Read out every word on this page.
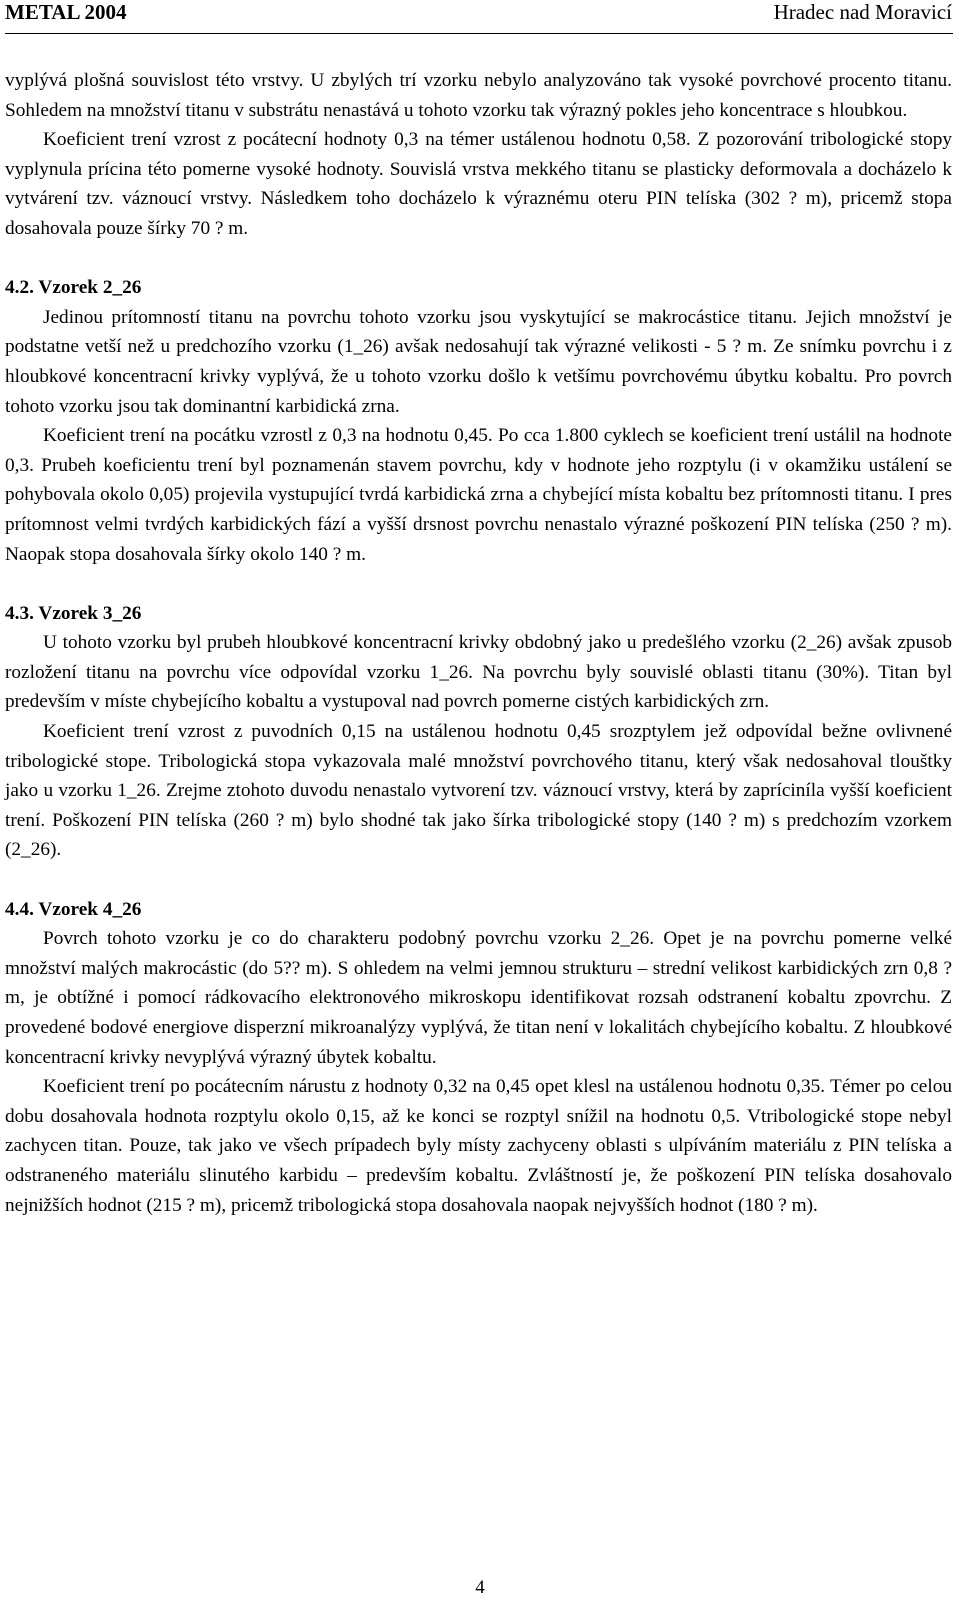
METAL 2004	Hradec nad Moravicí

vyplývá plošná souvislost této vrstvy. U zbylých trí vzorku nebylo analyzováno tak vysoké povrchové procento titanu. Sohledem na množství titanu v substrátu nenastává u tohoto vzorku tak výrazný pokles jeho koncentrace s hloubkou.

Koeficient trení vzrost z pocátecní hodnoty 0,3 na témer ustálenou hodnotu 0,58. Z pozorování tribologické stopy vyplynula prícina této pomerne vysoké hodnoty. Souvislá vrstva mekkého titanu se plasticky deformovala a docházelo k vytvárení tzv. váznoucí vrstvy. Následkem toho docházelo k výraznému oteru PIN telíska (302 ? m), pricemž stopa dosahovala pouze šírky 70 ? m.

4.2. Vzorek 2_26

Jedinou prítomností titanu na povrchu tohoto vzorku jsou vyskytující se makrocástice titanu. Jejich množství je podstatne vetší než u predchozího vzorku (1_26) avšak nedosahují tak výrazné velikosti - 5 ? m. Ze snímku povrchu i z hloubkové koncentracní krivky vyplývá, že u tohoto vzorku došlo k vetšímu povrchovému úbytku kobaltu. Pro povrch tohoto vzorku jsou tak dominantní karbidická zrna.

Koeficient trení na pocátku vzrostl z 0,3 na hodnotu 0,45. Po cca 1.800 cyklech se koeficient trení ustálil na hodnote 0,3. Prubeh koeficientu trení byl poznamenán stavem povrchu, kdy v hodnote jeho rozptylu (i v okamžiku ustálení se pohybovala okolo 0,05) projevila vystupující tvrdá karbidická zrna a chybející místa kobaltu bez prítomnosti titanu. I pres prítomnost velmi tvrdých karbidických fází a vyšší drsnost povrchu nenastalo výrazné poškození PIN telíska (250 ? m). Naopak stopa dosahovala šírky okolo 140 ? m.

4.3. Vzorek 3_26

U tohoto vzorku byl prubeh hloubkové koncentracní krivky obdobný jako u predešlého vzorku (2_26) avšak zpusob rozložení titanu na povrchu více odpovídal vzorku 1_26. Na povrchu byly souvislé oblasti titanu (30%). Titan byl predevším v míste chybejícího kobaltu a vystupoval nad povrch pomerne cistých karbidických zrn.

Koeficient trení vzrost z puvodních 0,15 na ustálenou hodnotu 0,45 srozptylem jež odpovídal bežne ovlivnené tribologické stope. Tribologická stopa vykazovala malé množství povrchového titanu, který však nedosahoval tlouštky jako u vzorku 1_26. Zrejme ztohoto duvodu nenastalo vytvorení tzv. váznoucí vrstvy, která by zapríciníla vyšší koeficient trení. Poškození PIN telíska (260 ? m) bylo shodné tak jako šírka tribologické stopy (140 ? m) s predchozím vzorkem (2_26).

4.4. Vzorek 4_26

Povrch tohoto vzorku je co do charakteru podobný povrchu vzorku 2_26. Opet je na povrchu pomerne velké množství malých makrocástic (do 5?? m). S ohledem na velmi jemnou strukturu – strední velikost karbidických zrn 0,8 ? m, je obtížné i pomocí rádkovacího elektronového mikroskopu identifikovat rozsah odstranení kobaltu zpovrchu. Z provedené bodové energiove disperzní mikroanalýzy vyplývá, že titan není v lokalitách chybejícího kobaltu. Z hloubkové koncentracní krivky nevyplývá výrazný úbytek kobaltu.

Koeficient trení po pocátecním nárustu z hodnoty 0,32 na 0,45 opet klesl na ustálenou hodnotu 0,35. Témer po celou dobu dosahovala hodnota rozptylu okolo 0,15, až ke konci se rozptyl snížil na hodnotu 0,5. Vtribologické stope nebyl zachycen titan. Pouze, tak jako ve všech prípadech byly místy zachyceny oblasti s ulpíváním materiálu z PIN telíska a odstraneného materiálu slinutého karbidu – predevším kobaltu. Zvláštností je, že poškození PIN telíska dosahovalo nejnižších hodnot (215 ? m), pricemž tribologická stopa dosahovala naopak nejvyšších hodnot (180 ? m).

4
